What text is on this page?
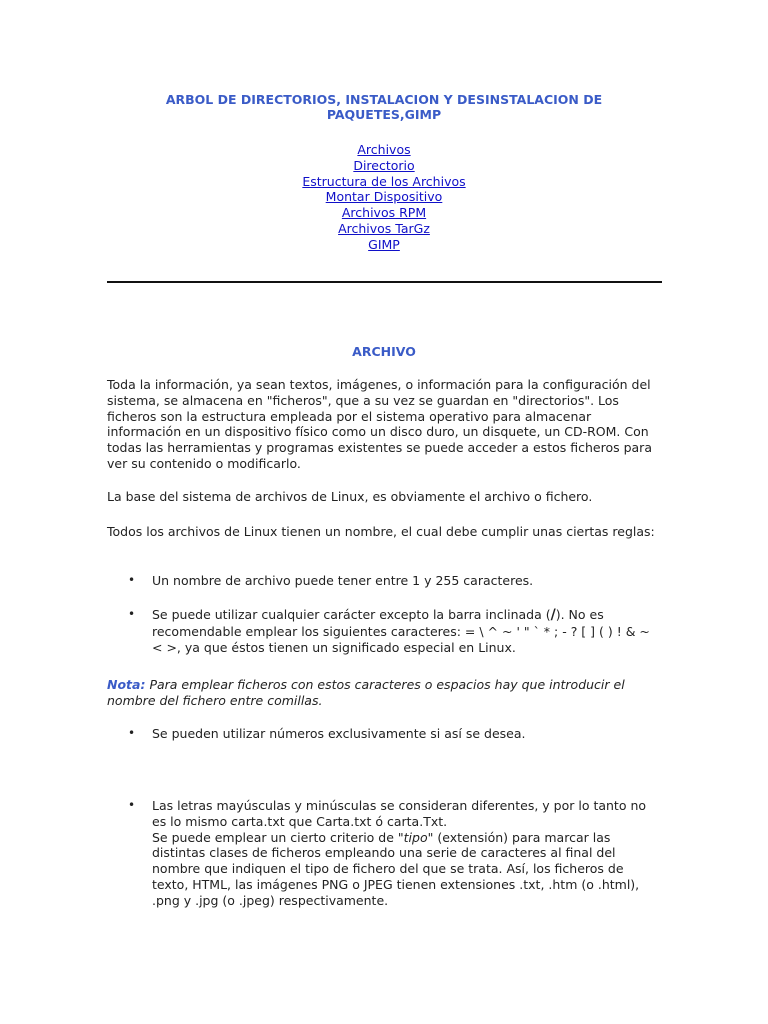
ARBOL DE DIRECTORIOS, INSTALACION Y DESINSTALACION DE PAQUETES,GIMP
Archivos
Directorio
Estructura de los Archivos
Montar Dispositivo
Archivos RPM
Archivos TarGz
GIMP
ARCHIVO

Toda la información, ya sean textos, imágenes, o información para la configuración del sistema, se almacena en "ficheros", que a su vez se guardan en "directorios". Los ficheros son la estructura empleada por el sistema operativo para almacenar información en un dispositivo físico como un disco duro, un disquete, un CD-ROM. Con todas las herramientas y programas existentes se puede acceder a estos ficheros para ver su contenido o modificarlo.

La base del sistema de archivos de Linux, es obviamente el archivo o fichero.

Todos los archivos de Linux tienen un nombre, el cual debe cumplir unas ciertas reglas:

• Un nombre de archivo puede tener entre 1 y 255 caracteres.
• Se puede utilizar cualquier carácter excepto la barra inclinada (/). No es recomendable emplear los siguientes caracteres: = \ ^ ~ ' " ` * ; - ? [ ] ( ) ! & ~ < >, ya que éstos tienen un significado especial en Linux.

Nota: Para emplear ficheros con estos caracteres o espacios hay que introducir el nombre del fichero entre comillas.

• Se pueden utilizar números exclusivamente si así se desea.
• Las letras mayúsculas y minúsculas se consideran diferentes, y por lo tanto no es lo mismo carta.txt que Carta.txt ó carta.Txt.
Se puede emplear un cierto criterio de "tipo" (extensión) para marcar las distintas clases de ficheros empleando una serie de caracteres al final del nombre que indiquen el tipo de fichero del que se trata. Así, los ficheros de texto, HTML, las imágenes PNG o JPEG tienen extensiones .txt, .htm (o .html), .png y .jpg (o .jpeg) respectivamente.
